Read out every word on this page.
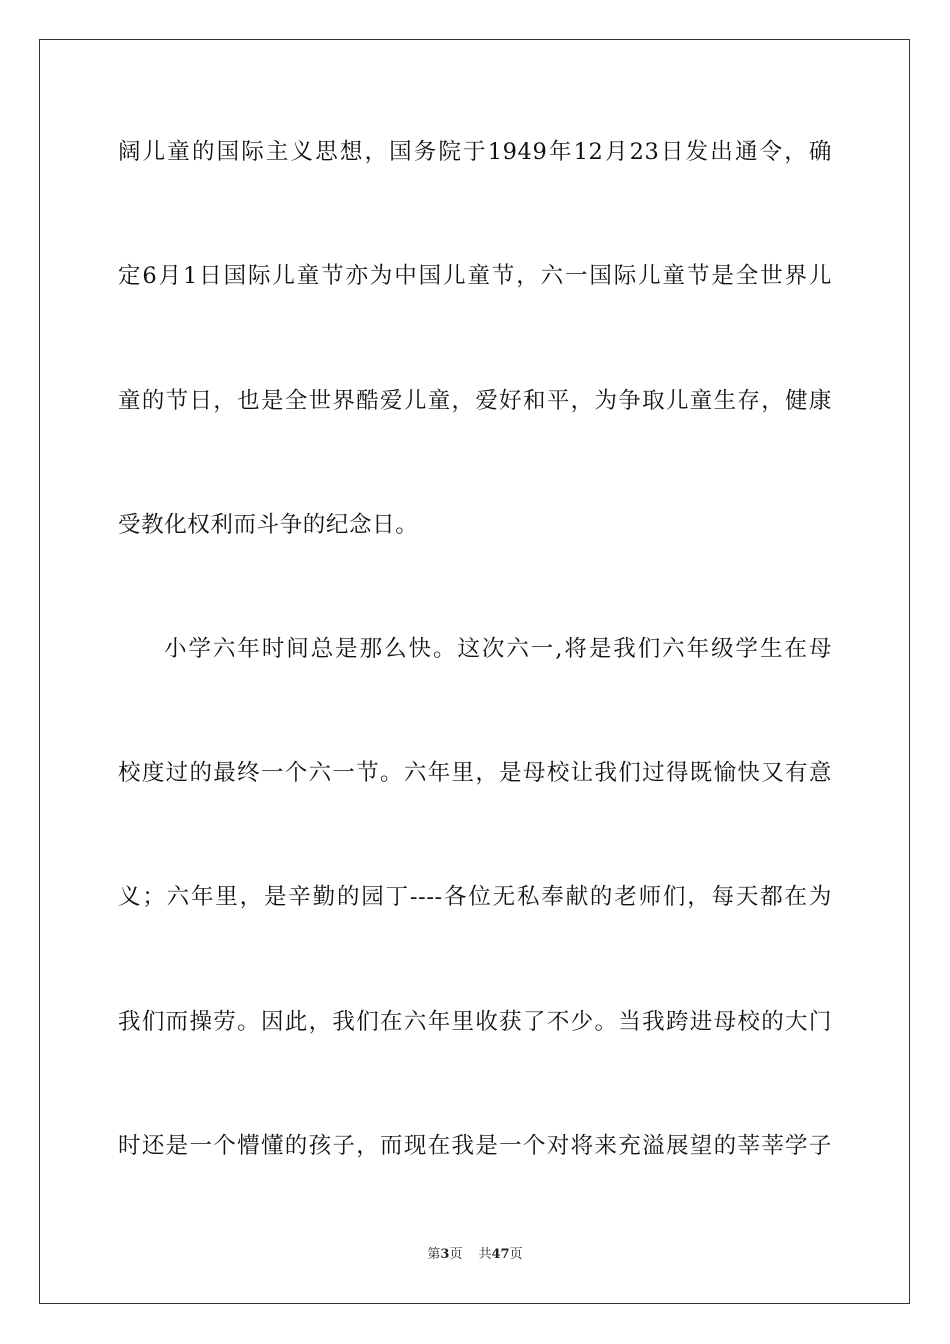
阔儿童的国际主义思想，国务院于1949年12月23日发出通令，确
定6月1日国际儿童节亦为中国儿童节，六一国际儿童节是全世界儿
童的节日，也是全世界酷爱儿童，爱好和平，为争取儿童生存，健康
受教化权利而斗争的纪念日。
小学六年时间总是那么快。这次六一,将是我们六年级学生在母
校度过的最终一个六一节。六年里，是母校让我们过得既愉快又有意
义；六年里，是辛勤的园丁----各位无私奉献的老师们，每天都在为
我们而操劳。因此，我们在六年里收获了不少。当我跨进母校的大门
时还是一个懵懂的孩子，而现在我是一个对将来充溢展望的莘莘学子
第3页 共47页
